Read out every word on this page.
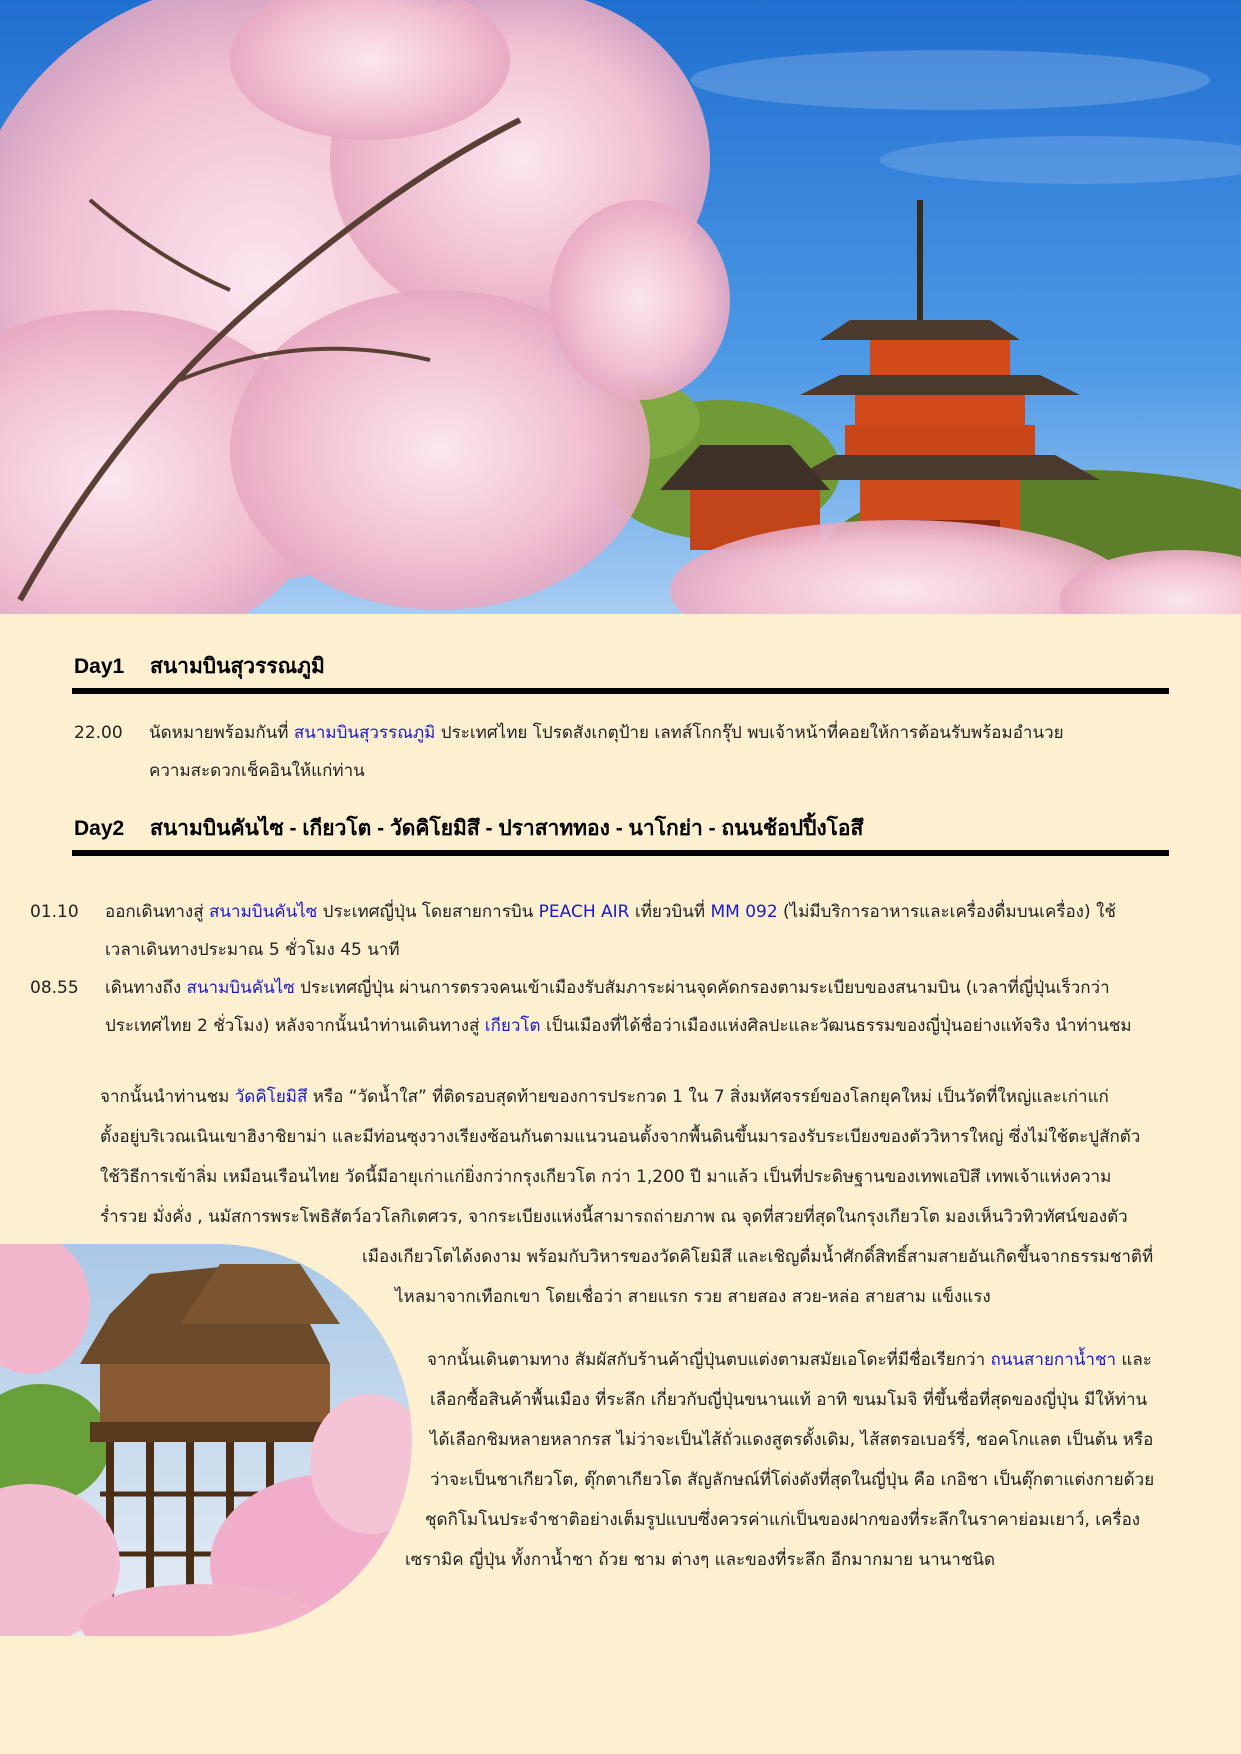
Day1	สนามบินสุวรรณภูมิ
22.00 นัดหมายพร้อมกันที่ สนามบินสุวรรณภูมิ ประเทศไทย โปรดสังเกตุป้าย เลทส์โกกรุ๊ป พบเจ้าหน้าที่คอยให้การต้อนรับพร้อมอำนวย
ความสะดวกเช็คอินให้แก่ท่าน
Day2	สนามบินคันไซ - เกียวโต - วัดคิโยมิสึ - ปราสาททอง - นาโกย่า - ถนนช้อปปิ้งโอสึ
01.10 ออกเดินทางสู่ สนามบินคันไซ ประเทศญี่ปุ่น โดยสายการบิน PEACH AIR เที่ยวบินที่ MM 092 (ไม่มีบริการอาหารและเครื่องดื่มบนเครื่อง) ใช้
เวลาเดินทางประมาณ 5 ชั่วโมง 45 นาที
08.55 เดินทางถึง สนามบินคันไซ ประเทศญี่ปุ่น ผ่านการตรวจคนเข้าเมืองรับสัมภาระผ่านจุดคัดกรองตามระเบียบของสนามบิน (เวลาที่ญี่ปุ่นเร็วกว่า
ประเทศไทย 2 ชั่วโมง) หลังจากนั้นนำท่านเดินทางสู่ เกียวโต เป็นเมืองที่ได้ชื่อว่าเมืองแห่งศิลปะและวัฒนธรรมของญี่ปุ่นอย่างแท้จริง นำท่านชม
จากนั้นนำท่านชม วัดคิโยมิสึ หรือ “วัดน้ำใส” ที่ติดรอบสุดท้ายของการประกวด 1 ใน 7 สิ่งมหัศจรรย์ของโลกยุคใหม่ เป็นวัดที่ใหญ่และเก่าแก่
ตั้งอยู่บริเวณเนินเขาฮิงาชิยาม่า และมีท่อนซุงวางเรียงซ้อนกันตามแนวนอนตั้งจากพื้นดินขึ้นมารองรับระเบียงของตัววิหารใหญ่ ซึ่งไม่ใช้ตะปูสักตัว
ใช้วิธีการเข้าลิ่ม เหมือนเรือนไทย วัดนี้มีอายุเก่าแก่ยิ่งกว่ากรุงเกียวโต กว่า 1,200 ปี มาแล้ว เป็นที่ประดิษฐานของเทพเอปิสึ เทพเจ้าแห่งความ
ร่ำรวย มั่งคั่ง , นมัสการพระโพธิสัตว์อวโลกิเตศวร, จากระเบียงแห่งนี้สามารถถ่ายภาพ ณ จุดที่สวยที่สุดในกรุงเกียวโต มองเห็นวิวทิวทัศน์ของตัว
เมืองเกียวโตได้งดงาม พร้อมกับวิหารของวัดคิโยมิสึ และเชิญดื่มน้ำศักดิ์สิทธิ์สามสายอันเกิดขึ้นจากธรรมชาติที่
ไหลมาจากเทือกเขา โดยเชื่อว่า สายแรก รวย สายสอง สวย-หล่อ สายสาม แข็งแรง
จากนั้นเดินตามทาง สัมผัสกับร้านค้าญี่ปุ่นตบแต่งตามสมัยเอโดะที่มีชื่อเรียกว่า ถนนสายกาน้ำชา และ
เลือกซื้อสินค้าพื้นเมือง ที่ระลึก เกี่ยวกับญี่ปุ่นขนานแท้ อาทิ ขนมโมจิ ที่ขึ้นชื่อที่สุดของญี่ปุ่น มีให้ท่าน
ได้เลือกชิมหลายหลากรส ไม่ว่าจะเป็นไส้ถั่วแดงสูตรดั้งเดิม, ไส้สตรอเบอร์รี่, ชอคโกแลต เป็นต้น หรือ
ว่าจะเป็นชาเกียวโต, ตุ๊กตาเกียวโต สัญลักษณ์ที่โด่งดังที่สุดในญี่ปุ่น คือ เกอิชา เป็นตุ๊กตาแต่งกายด้วย
ชุดกิโมโนประจำชาติอย่างเต็มรูปแบบซึ่งควรค่าแก่เป็นของฝากของที่ระลึกในราคาย่อมเยาว์, เครื่อง
เซรามิค ญี่ปุ่น ทั้งกาน้ำชา ถ้วย ชาม ต่างๆ และของที่ระลึก อีกมากมาย นานาชนิด
